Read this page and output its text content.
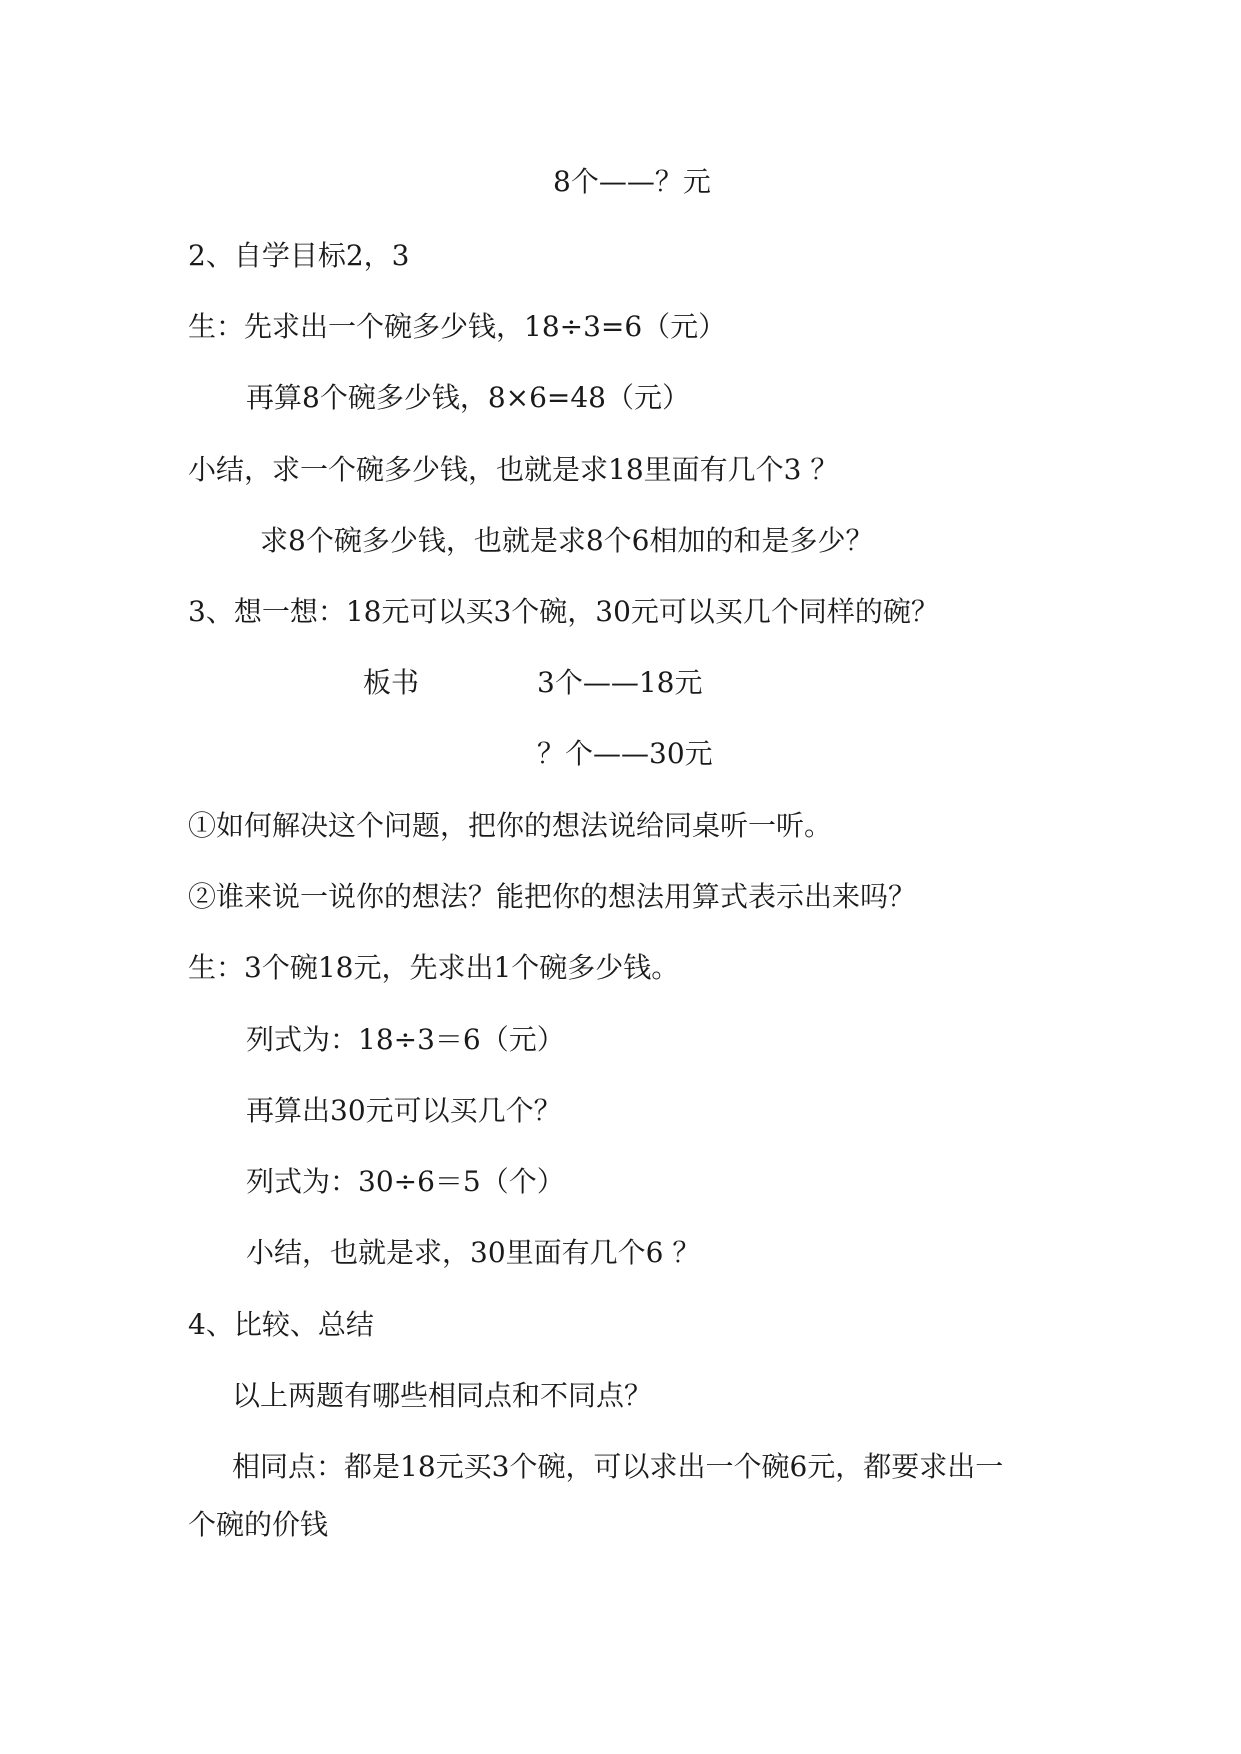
8个——？元
2、自学目标2，3
生：先求出一个碗多少钱，18÷3=6（元）
再算8个碗多少钱，8×6=48（元）
小结，求一个碗多少钱，也就是求18里面有几个3 ？
求8个碗多少钱，也就是求8个6相加的和是多少？
3、想一想：18元可以买3个碗，30元可以买几个同样的碗？
板书	3个——18元
？个——30元
①如何解决这个问题，把你的想法说给同桌听一听。
②谁来说一说你的想法？能把你的想法用算式表示出来吗？
生：3个碗18元，先求出1个碗多少钱。
列式为：18÷3＝6（元）
再算出30元可以买几个？
列式为：30÷6＝5（个）
小结，也就是求，30里面有几个6 ？
4、比较、总结
以上两题有哪些相同点和不同点？
相同点：都是18元买3个碗，可以求出一个碗6元，都要求出一
个碗的价钱
